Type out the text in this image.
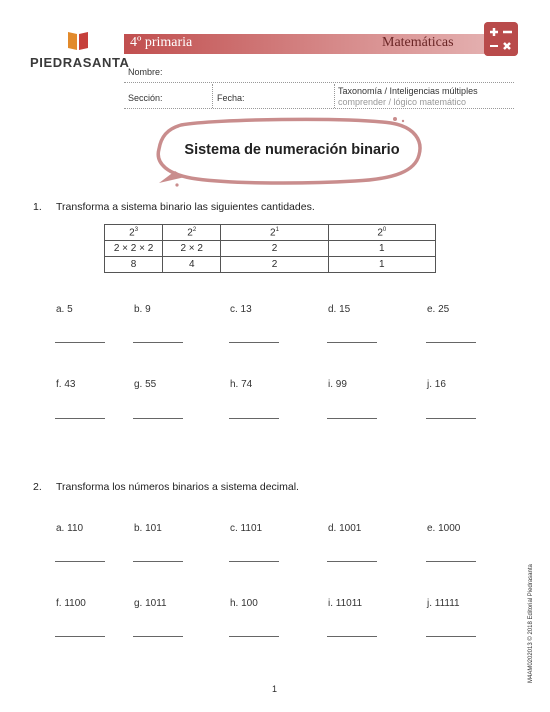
PIEDRASANTA
4º primaria	Matemáticas
Nombre:
Sección:	Fecha:
Taxonomía / Inteligencias múltiples
comprender / lógico matemático
Sistema de numeración binario
1. Transforma a sistema binario las siguientes cantidades.
$2^3$	$2^2$	$2^1$	$2^0$
2 × 2 × 2	2 × 2	2	1
8	4	2	1
a. 5	b. 9	c. 13	d. 15	e. 25
f. 43	g. 55	h. 74	i. 99	j. 16
2. Transforma los números binarios a sistema decimal.
a. 110	b. 101	c. 1101	d. 1001	e. 1000
f. 1100	g. 1011	h. 100	i. 11011	j. 11111	M4AM0202013 © 2018 Editorial Piedrasanta
1
